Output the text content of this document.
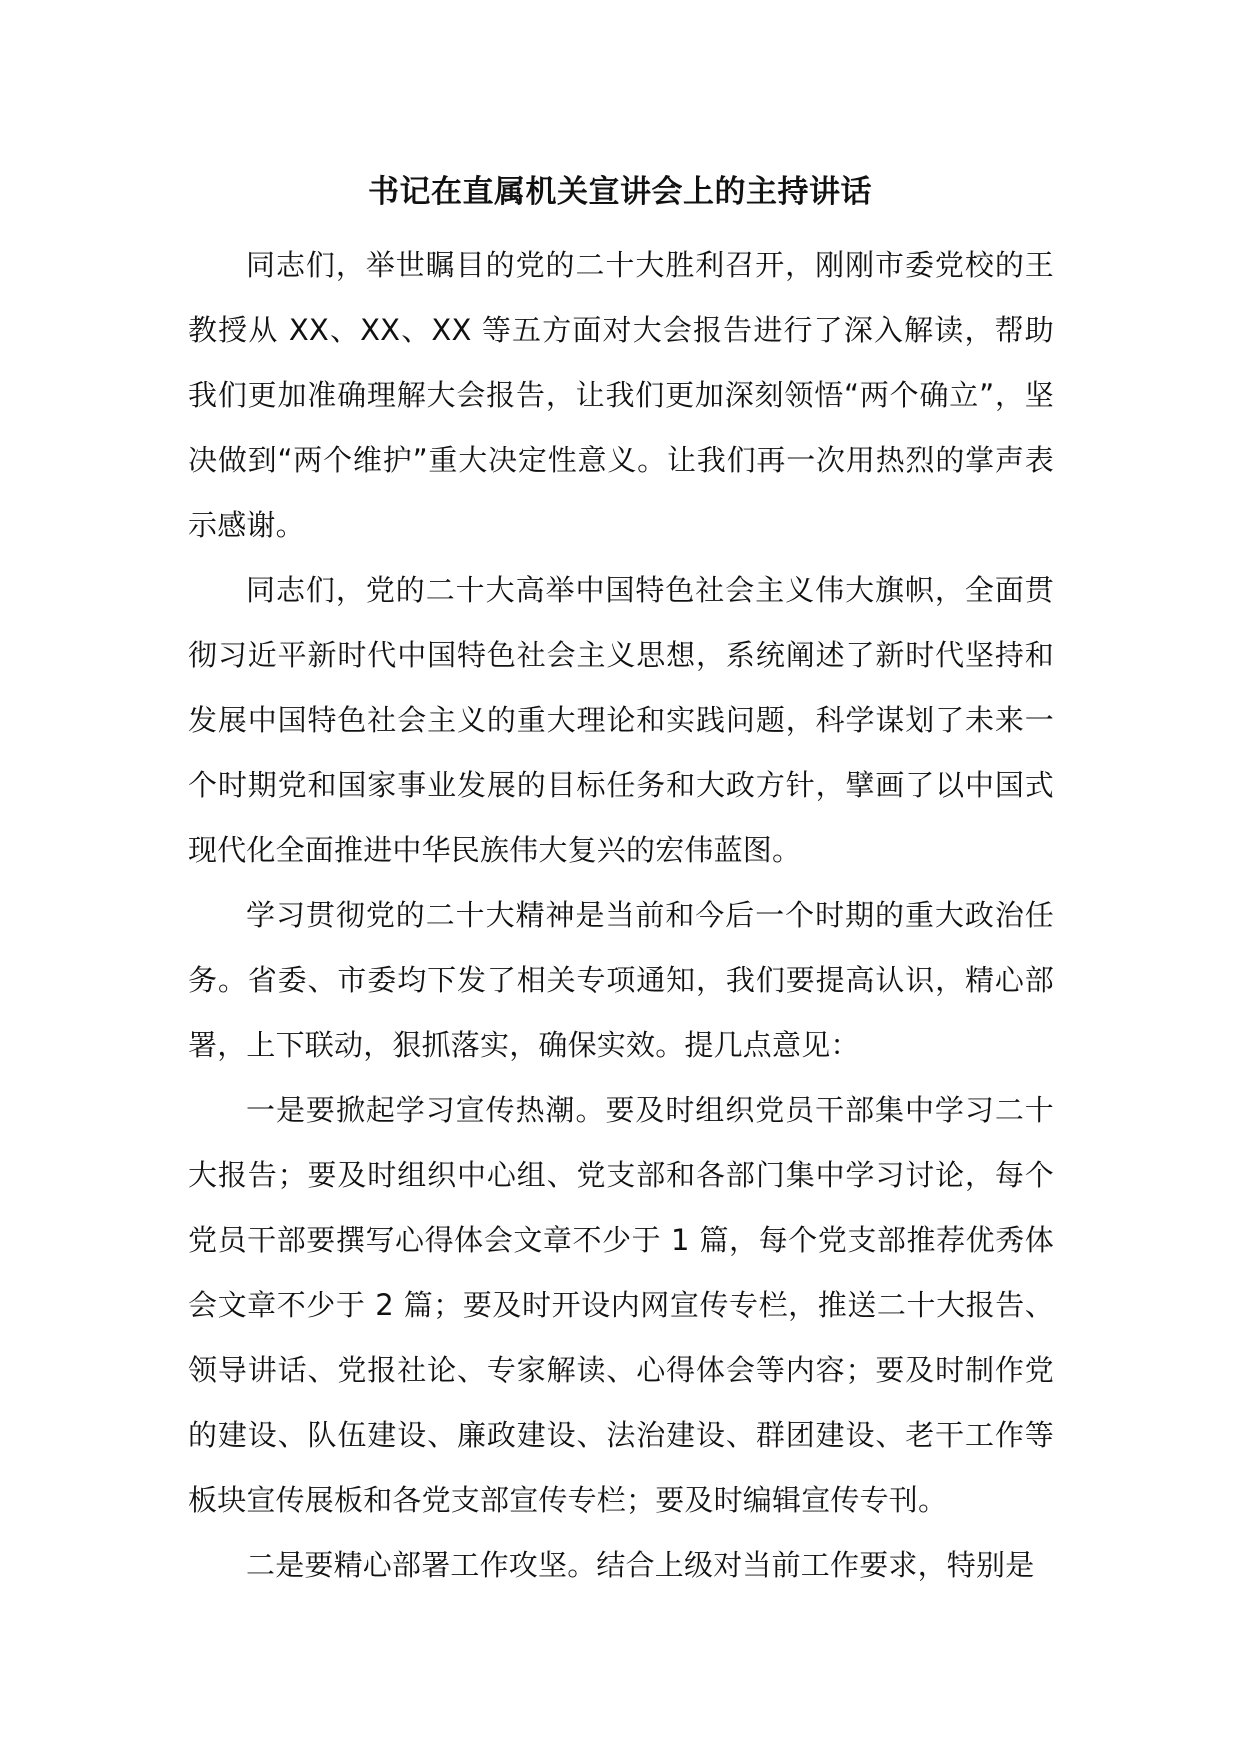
书记在直属机关宣讲会上的主持讲话

同志们，举世瞩目的党的二十大胜利召开，刚刚市委党校的王教授从 XX、XX、XX 等五方面对大会报告进行了深入解读，帮助我们更加准确理解大会报告，让我们更加深刻领悟“两个确立”，坚决做到“两个维护”重大决定性意义。让我们再一次用热烈的掌声表示感谢。

同志们，党的二十大高举中国特色社会主义伟大旗帜，全面贯彻习近平新时代中国特色社会主义思想，系统阐述了新时代坚持和发展中国特色社会主义的重大理论和实践问题，科学谋划了未来一个时期党和国家事业发展的目标任务和大政方针，擘画了以中国式现代化全面推进中华民族伟大复兴的宏伟蓝图。

学习贯彻党的二十大精神是当前和今后一个时期的重大政治任务。省委、市委均下发了相关专项通知，我们要提高认识，精心部署，上下联动，狠抓落实，确保实效。提几点意见：

一是要掀起学习宣传热潮。要及时组织党员干部集中学习二十大报告；要及时组织中心组、党支部和各部门集中学习讨论，每个党员干部要撰写心得体会文章不少于 1 篇，每个党支部推荐优秀体会文章不少于 2 篇；要及时开设内网宣传专栏，推送二十大报告、领导讲话、党报社论、专家解读、心得体会等内容；要及时制作党的建设、队伍建设、廉政建设、法治建设、群团建设、老干工作等板块宣传展板和各党支部宣传专栏；要及时编辑宣传专刊。

二是要精心部署工作攻坚。结合上级对当前工作要求，特别是
